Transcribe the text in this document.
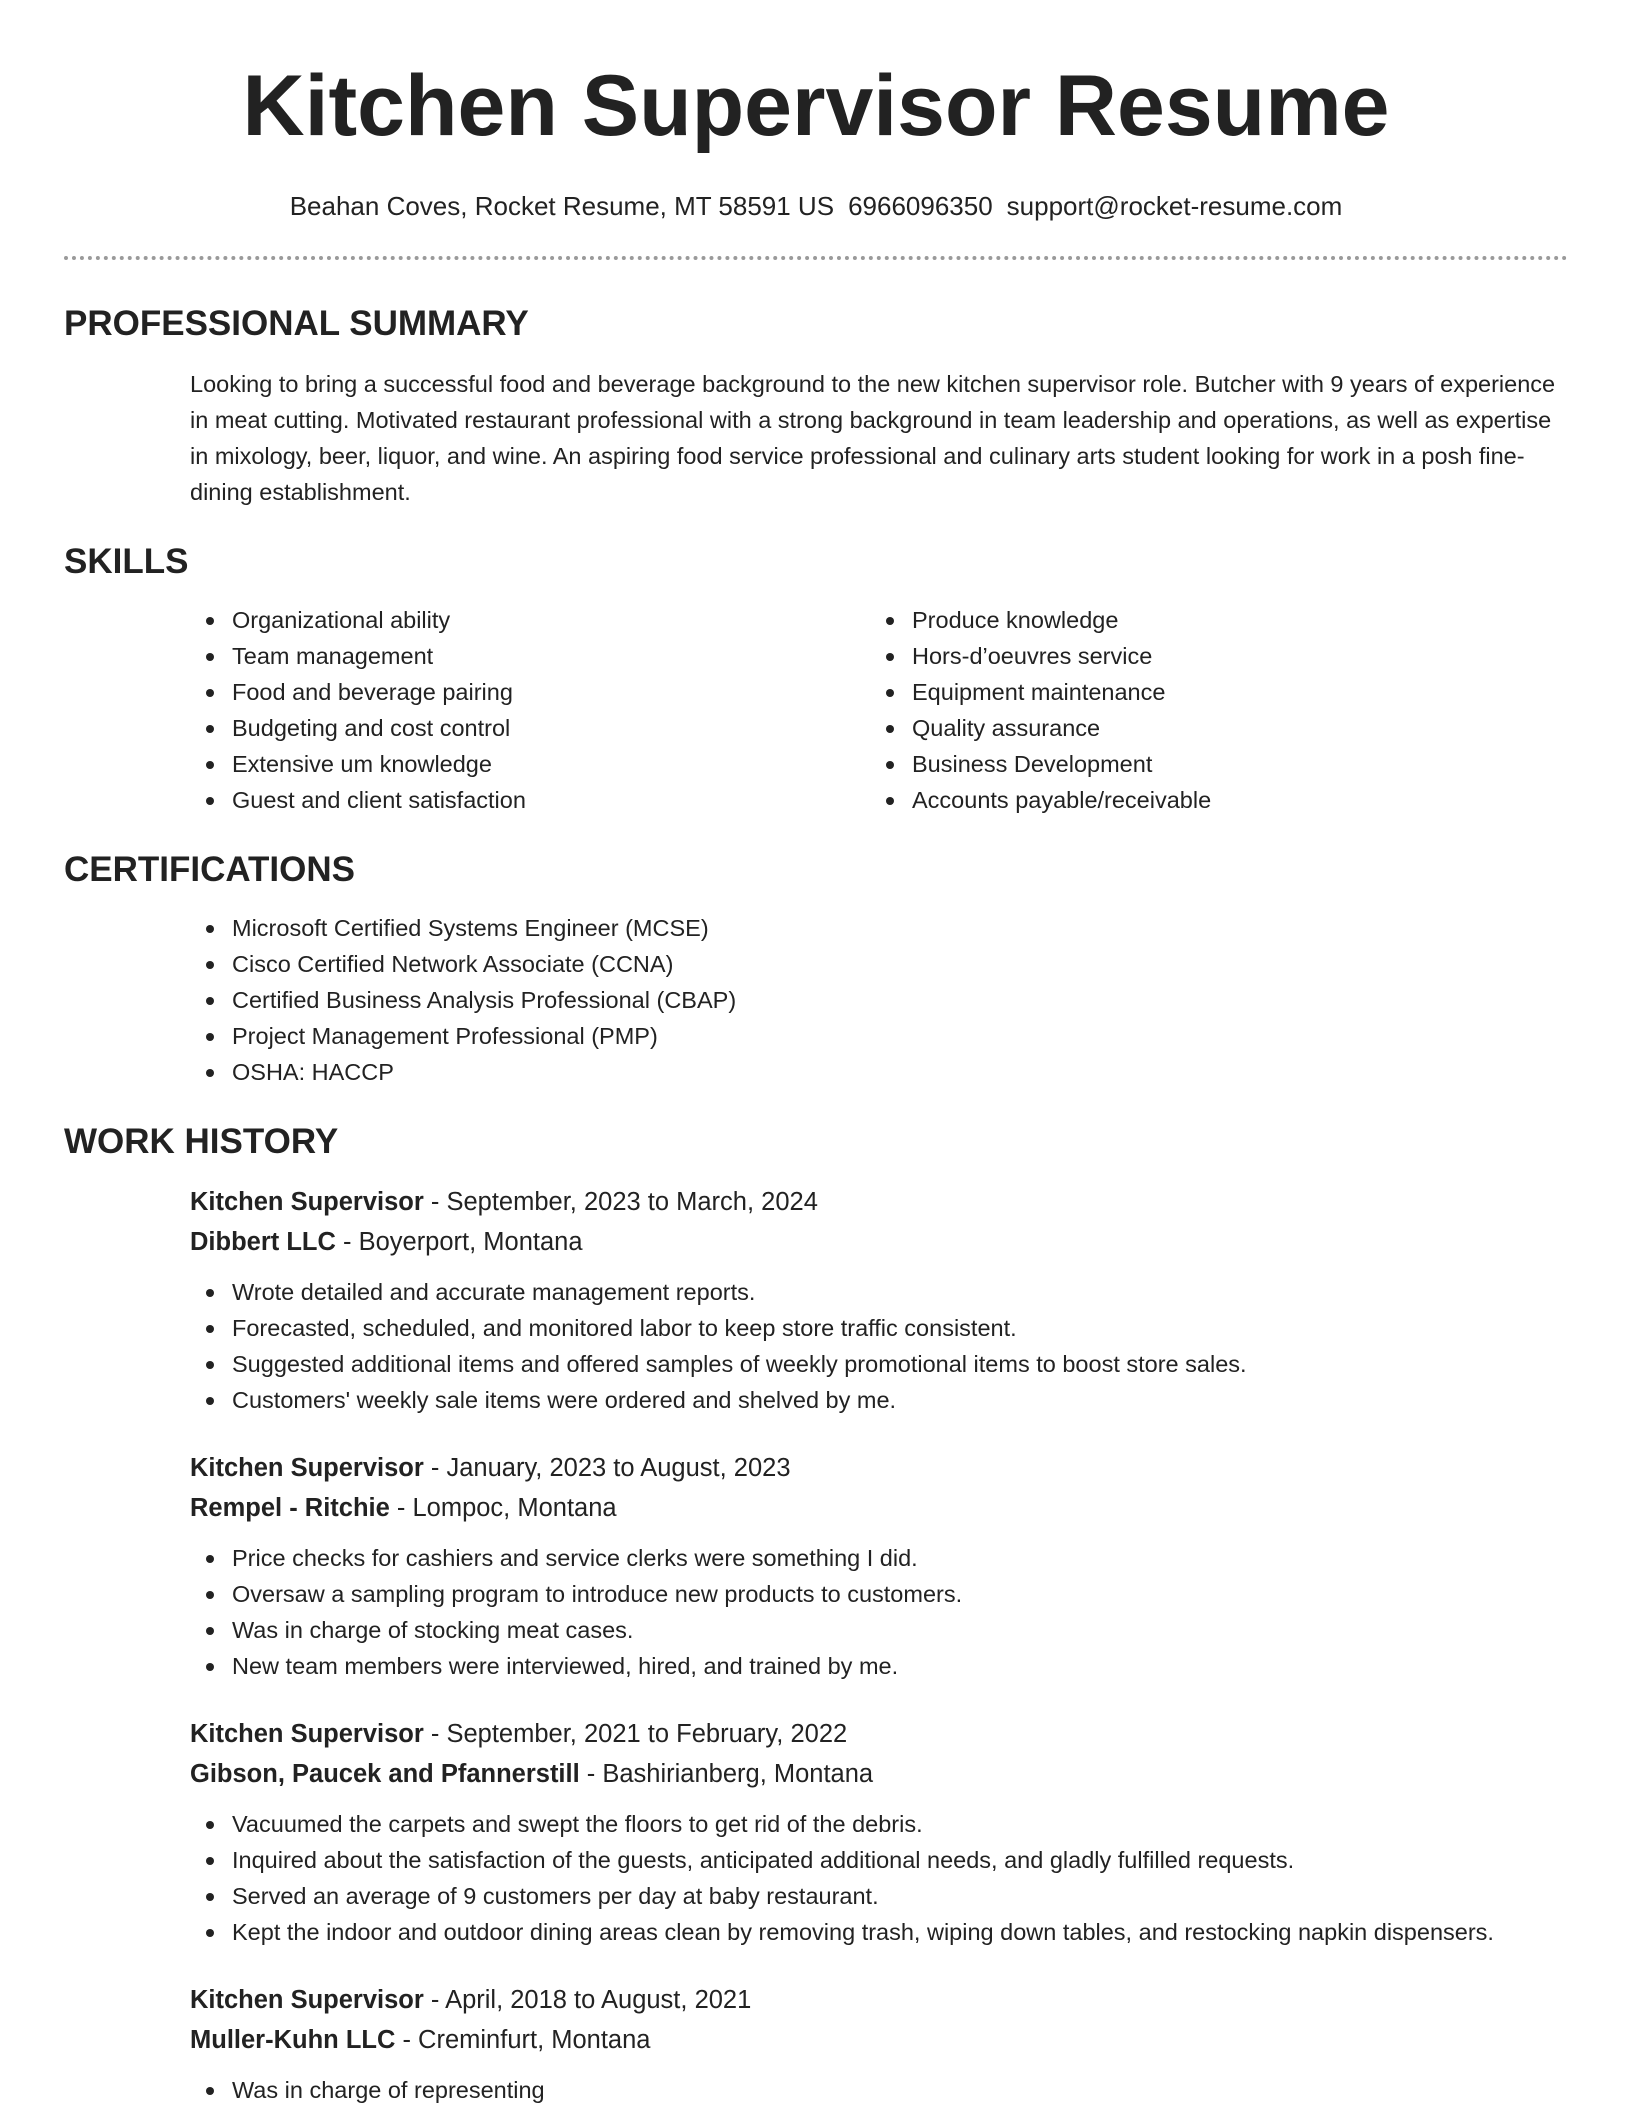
Kitchen Supervisor Resume
Beahan Coves, Rocket Resume, MT 58591 US 6966096350 support@rocket-resume.com
PROFESSIONAL SUMMARY
Looking to bring a successful food and beverage background to the new kitchen supervisor role. Butcher with 9 years of experience in meat cutting. Motivated restaurant professional with a strong background in team leadership and operations, as well as expertise in mixology, beer, liquor, and wine. An aspiring food service professional and culinary arts student looking for work in a posh fine-dining establishment.
SKILLS
Organizational ability
Team management
Food and beverage pairing
Budgeting and cost control
Extensive um knowledge
Guest and client satisfaction
Produce knowledge
Hors-d’oeuvres service
Equipment maintenance
Quality assurance
Business Development
Accounts payable/receivable
CERTIFICATIONS
Microsoft Certified Systems Engineer (MCSE)
Cisco Certified Network Associate (CCNA)
Certified Business Analysis Professional (CBAP)
Project Management Professional (PMP)
OSHA: HACCP
WORK HISTORY
Kitchen Supervisor - September, 2023 to March, 2024
Dibbert LLC - Boyerport, Montana
Wrote detailed and accurate management reports.
Forecasted, scheduled, and monitored labor to keep store traffic consistent.
Suggested additional items and offered samples of weekly promotional items to boost store sales.
Customers' weekly sale items were ordered and shelved by me.
Kitchen Supervisor - January, 2023 to August, 2023
Rempel - Ritchie - Lompoc, Montana
Price checks for cashiers and service clerks were something I did.
Oversaw a sampling program to introduce new products to customers.
Was in charge of stocking meat cases.
New team members were interviewed, hired, and trained by me.
Kitchen Supervisor - September, 2021 to February, 2022
Gibson, Paucek and Pfannerstill - Bashirianberg, Montana
Vacuumed the carpets and swept the floors to get rid of the debris.
Inquired about the satisfaction of the guests, anticipated additional needs, and gladly fulfilled requests.
Served an average of 9 customers per day at baby restaurant.
Kept the indoor and outdoor dining areas clean by removing trash, wiping down tables, and restocking napkin dispensers.
Kitchen Supervisor - April, 2018 to August, 2021
Muller-Kuhn LLC - Creminfurt, Montana
Was in charge of representing
